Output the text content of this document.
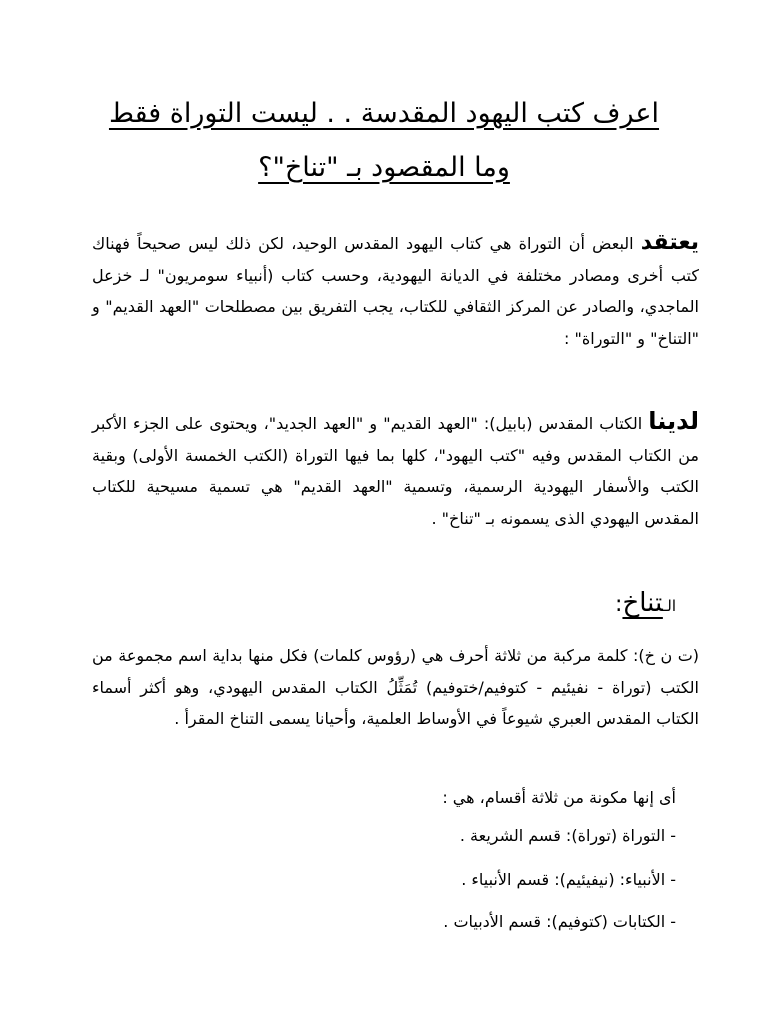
اعرف كتب اليهود المقدسة . . ليست التوراة فقط
وما المقصود بـ "تناخ"؟
يعتقد البعض أن التوراة هي كتاب اليهود المقدس الوحيد، لكن ذلك ليس صحيحاً فهناك كتب أخرى ومصادر مختلفة في الديانة اليهودية، وحسب كتاب (أنبياء سومريون" لـ خزعل الماجدي، والصادر عن المركز الثقافي للكتاب، يجب التفريق بين مصطلحات "العهد القديم" و "التناخ" و "التوراة" :
لدينا الكتاب المقدس (بابيل): "العهد القديم" و "العهد الجديد"، ويحتوى على الجزء الأكبر من الكتاب المقدس وفيه "كتب اليهود"، كلها بما فيها التوراة (الكتب الخمسة الأولى) وبقية الكتب والأسفار اليهودية الرسمية، وتسمية "العهد القديم" هي تسمية مسيحية للكتاب المقدس اليهودي الذى يسمونه بـ "تناخ" .
الـتناخ:
(ت ن خ): كلمة مركبة من ثلاثة أحرف هي (رؤوس كلمات) فكل منها بداية اسم مجموعة من الكتب (توراة - نفيئيم - كتوفيم/ختوفيم) تُمَثِّلُ الكتاب المقدس اليهودي، وهو أكثر أسماء الكتاب المقدس العبري شيوعاً في الأوساط العلمية، وأحيانا يسمى التناخ المقرأ .
أى إنها مكونة من ثلاثة أقسام، هي :
- التوراة (توراة): قسم الشريعة .
- الأنبياء: (نيفيئيم): قسم الأنبياء .
- الكتابات (كتوفيم): قسم الأدبيات .
